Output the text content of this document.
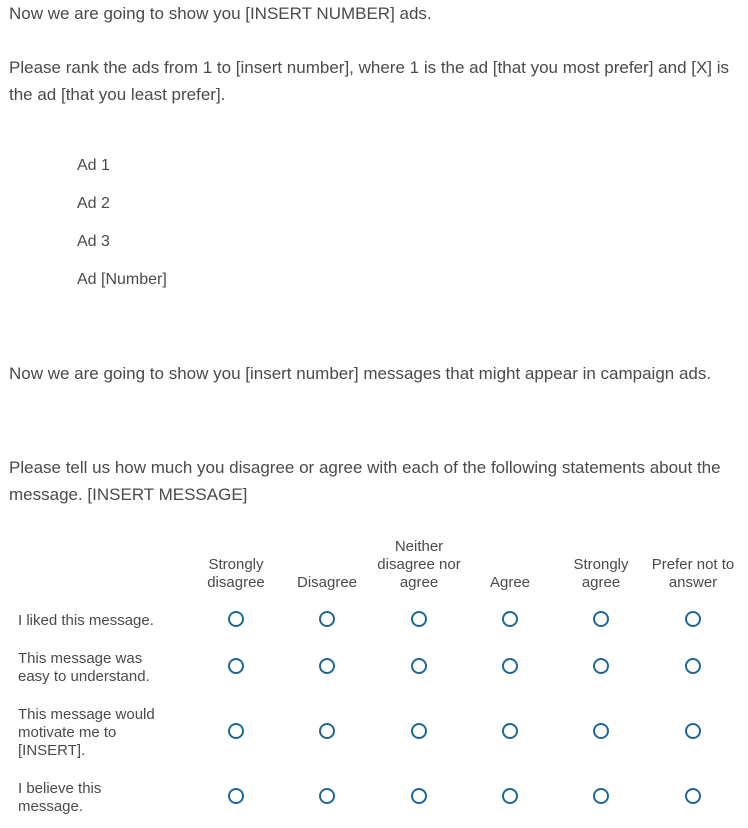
Now we are going to show you [INSERT NUMBER] ads.
Please rank the ads from 1 to [insert number], where 1 is the ad [that you most prefer] and [X] is the ad [that you least prefer].
Ad 1
Ad 2
Ad 3
Ad [Number]
Now we are going to show you [insert number] messages that might appear in campaign ads.
Please tell us how much you disagree or agree with each of the following statements about the message. [INSERT MESSAGE]
Strongly disagree	Disagree
Neither disagree nor agree	Agree
Strongly agree
Prefer not to answer
I liked this message.
This message was easy to understand.
This message would motivate me to [INSERT].
I believe this message.
